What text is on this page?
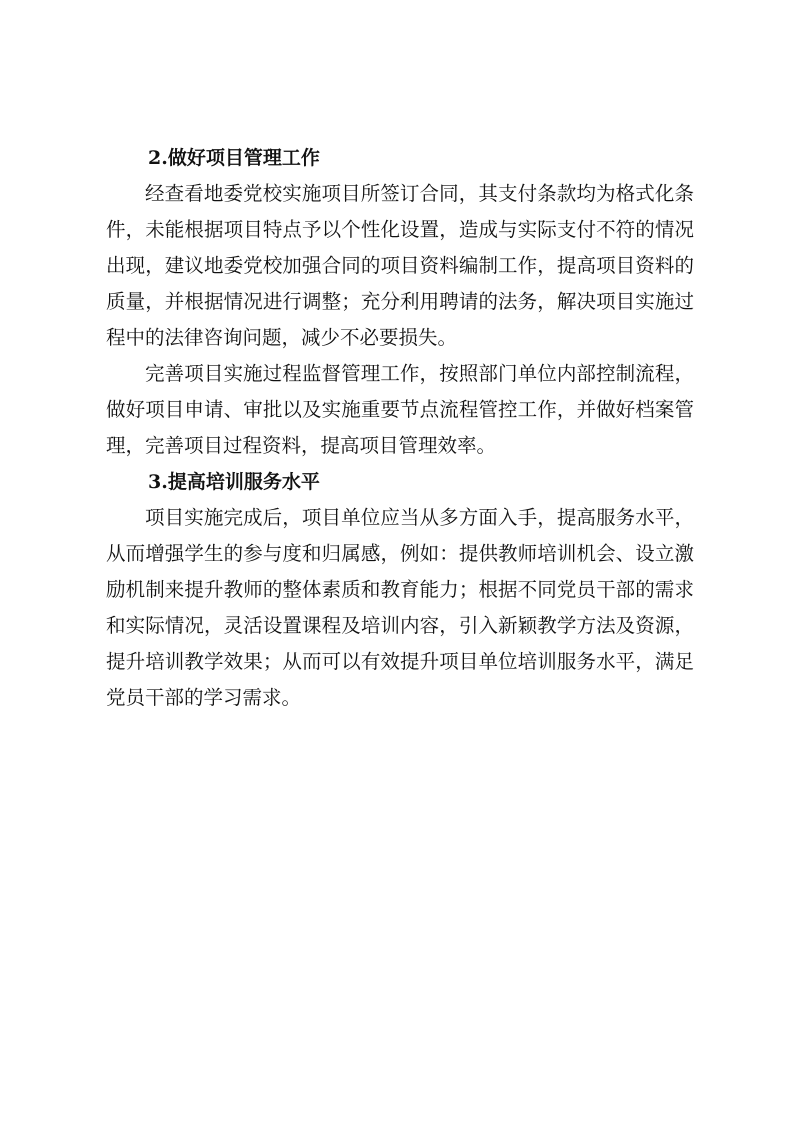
2.做好项目管理工作

经查看地委党校实施项目所签订合同，其支付条款均为格式化条件，未能根据项目特点予以个性化设置，造成与实际支付不符的情况出现，建议地委党校加强合同的项目资料编制工作，提高项目资料的质量，并根据情况进行调整；充分利用聘请的法务，解决项目实施过程中的法律咨询问题，减少不必要损失。

完善项目实施过程监督管理工作，按照部门单位内部控制流程，做好项目申请、审批以及实施重要节点流程管控工作，并做好档案管理，完善项目过程资料，提高项目管理效率。

3.提高培训服务水平

项目实施完成后，项目单位应当从多方面入手，提高服务水平，从而增强学生的参与度和归属感，例如：提供教师培训机会、设立激励机制来提升教师的整体素质和教育能力；根据不同党员干部的需求和实际情况，灵活设置课程及培训内容，引入新颖教学方法及资源，提升培训教学效果；从而可以有效提升项目单位培训服务水平，满足党员干部的学习需求。
